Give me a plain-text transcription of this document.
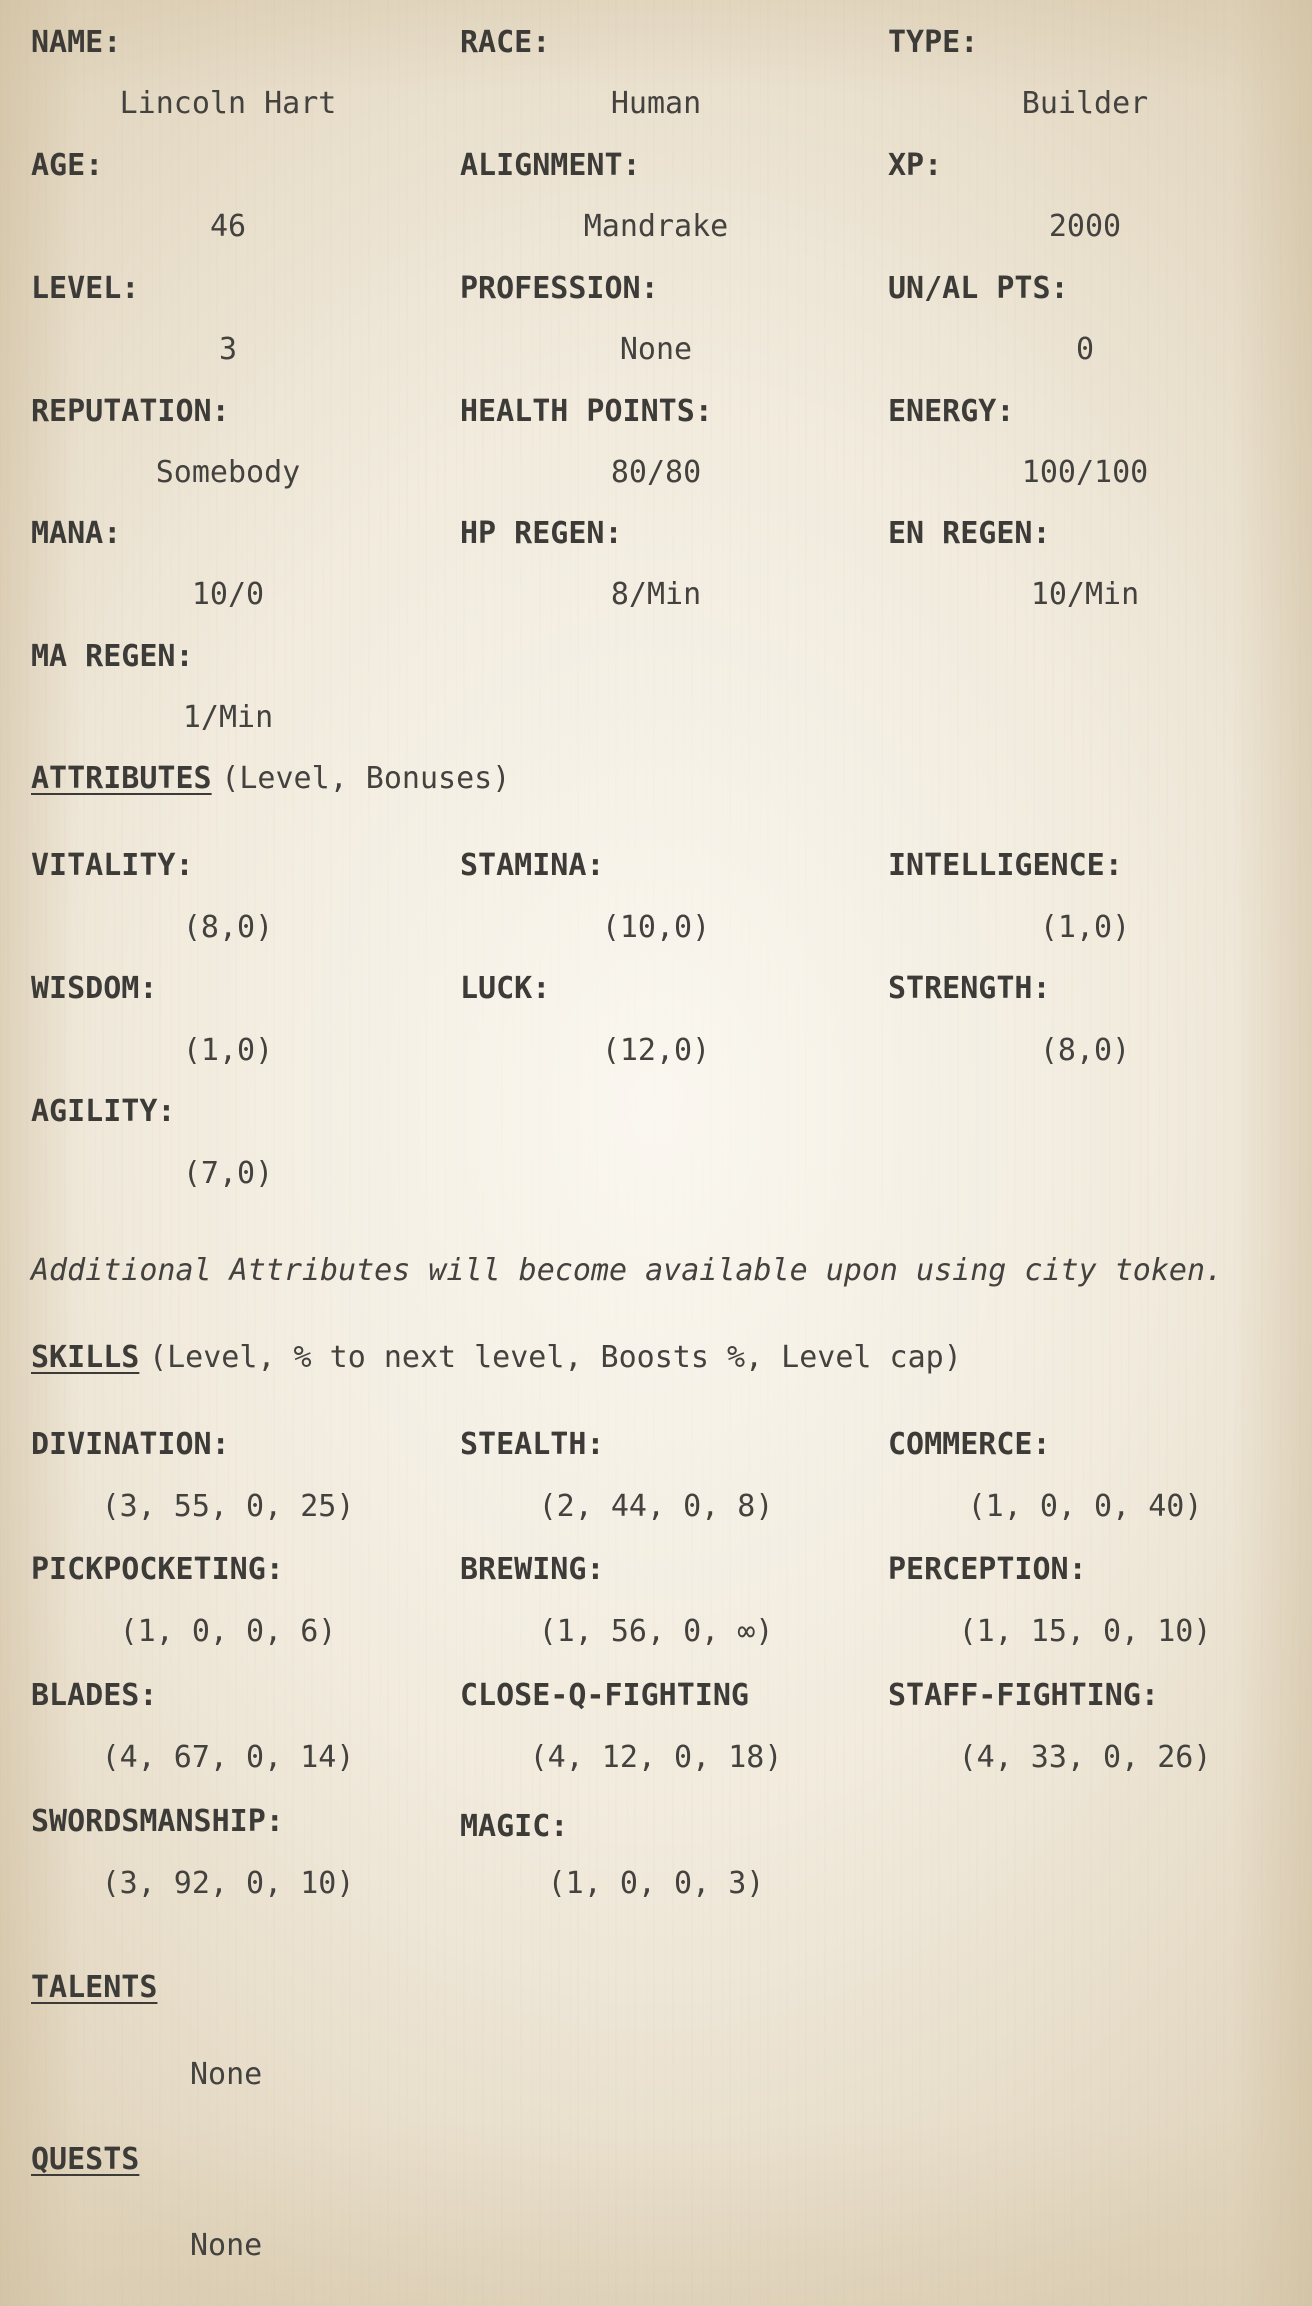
NAME:	RACE:	TYPE:
Lincoln Hart	Human	Builder
AGE:	ALIGNMENT:	XP:
46	Mandrake	2000
LEVEL:	PROFESSION:	UN/AL PTS:
3	None	0
REPUTATION:	HEALTH POINTS:	ENERGY:
Somebody	80/80	100/100
MANA:	HP REGEN:	EN REGEN:
10/0	8/Min	10/Min
MA REGEN:
1/Min
ATTRIBUTES (Level, Bonuses)
VITALITY:	STAMINA:	INTELLIGENCE:
(8,0)	(10,0)	(1,0)
WISDOM:	LUCK:	STRENGTH:
(1,0)	(12,0)	(8,0)
AGILITY:
(7,0)
Additional Attributes will become available upon using city token.
SKILLS (Level, % to next level, Boosts %, Level cap)
DIVINATION:	STEALTH:	COMMERCE:
(3, 55, 0, 25)	(2, 44, 0, 8)	(1, 0, 0, 40)
PICKPOCKETING:	BREWING:	PERCEPTION:
(1, 0, 0, 6)	(1, 56, 0, ∞)	(1, 15, 0, 10)
BLADES:	CLOSE-Q-FIGHTING	STAFF-FIGHTING:
(4, 67, 0, 14)	(4, 12, 0, 18)	(4, 33, 0, 26)
SWORDSMANSHIP:	MAGIC:
(3, 92, 0, 10)	(1, 0, 0, 3)
TALENTS
None
QUESTS
None
